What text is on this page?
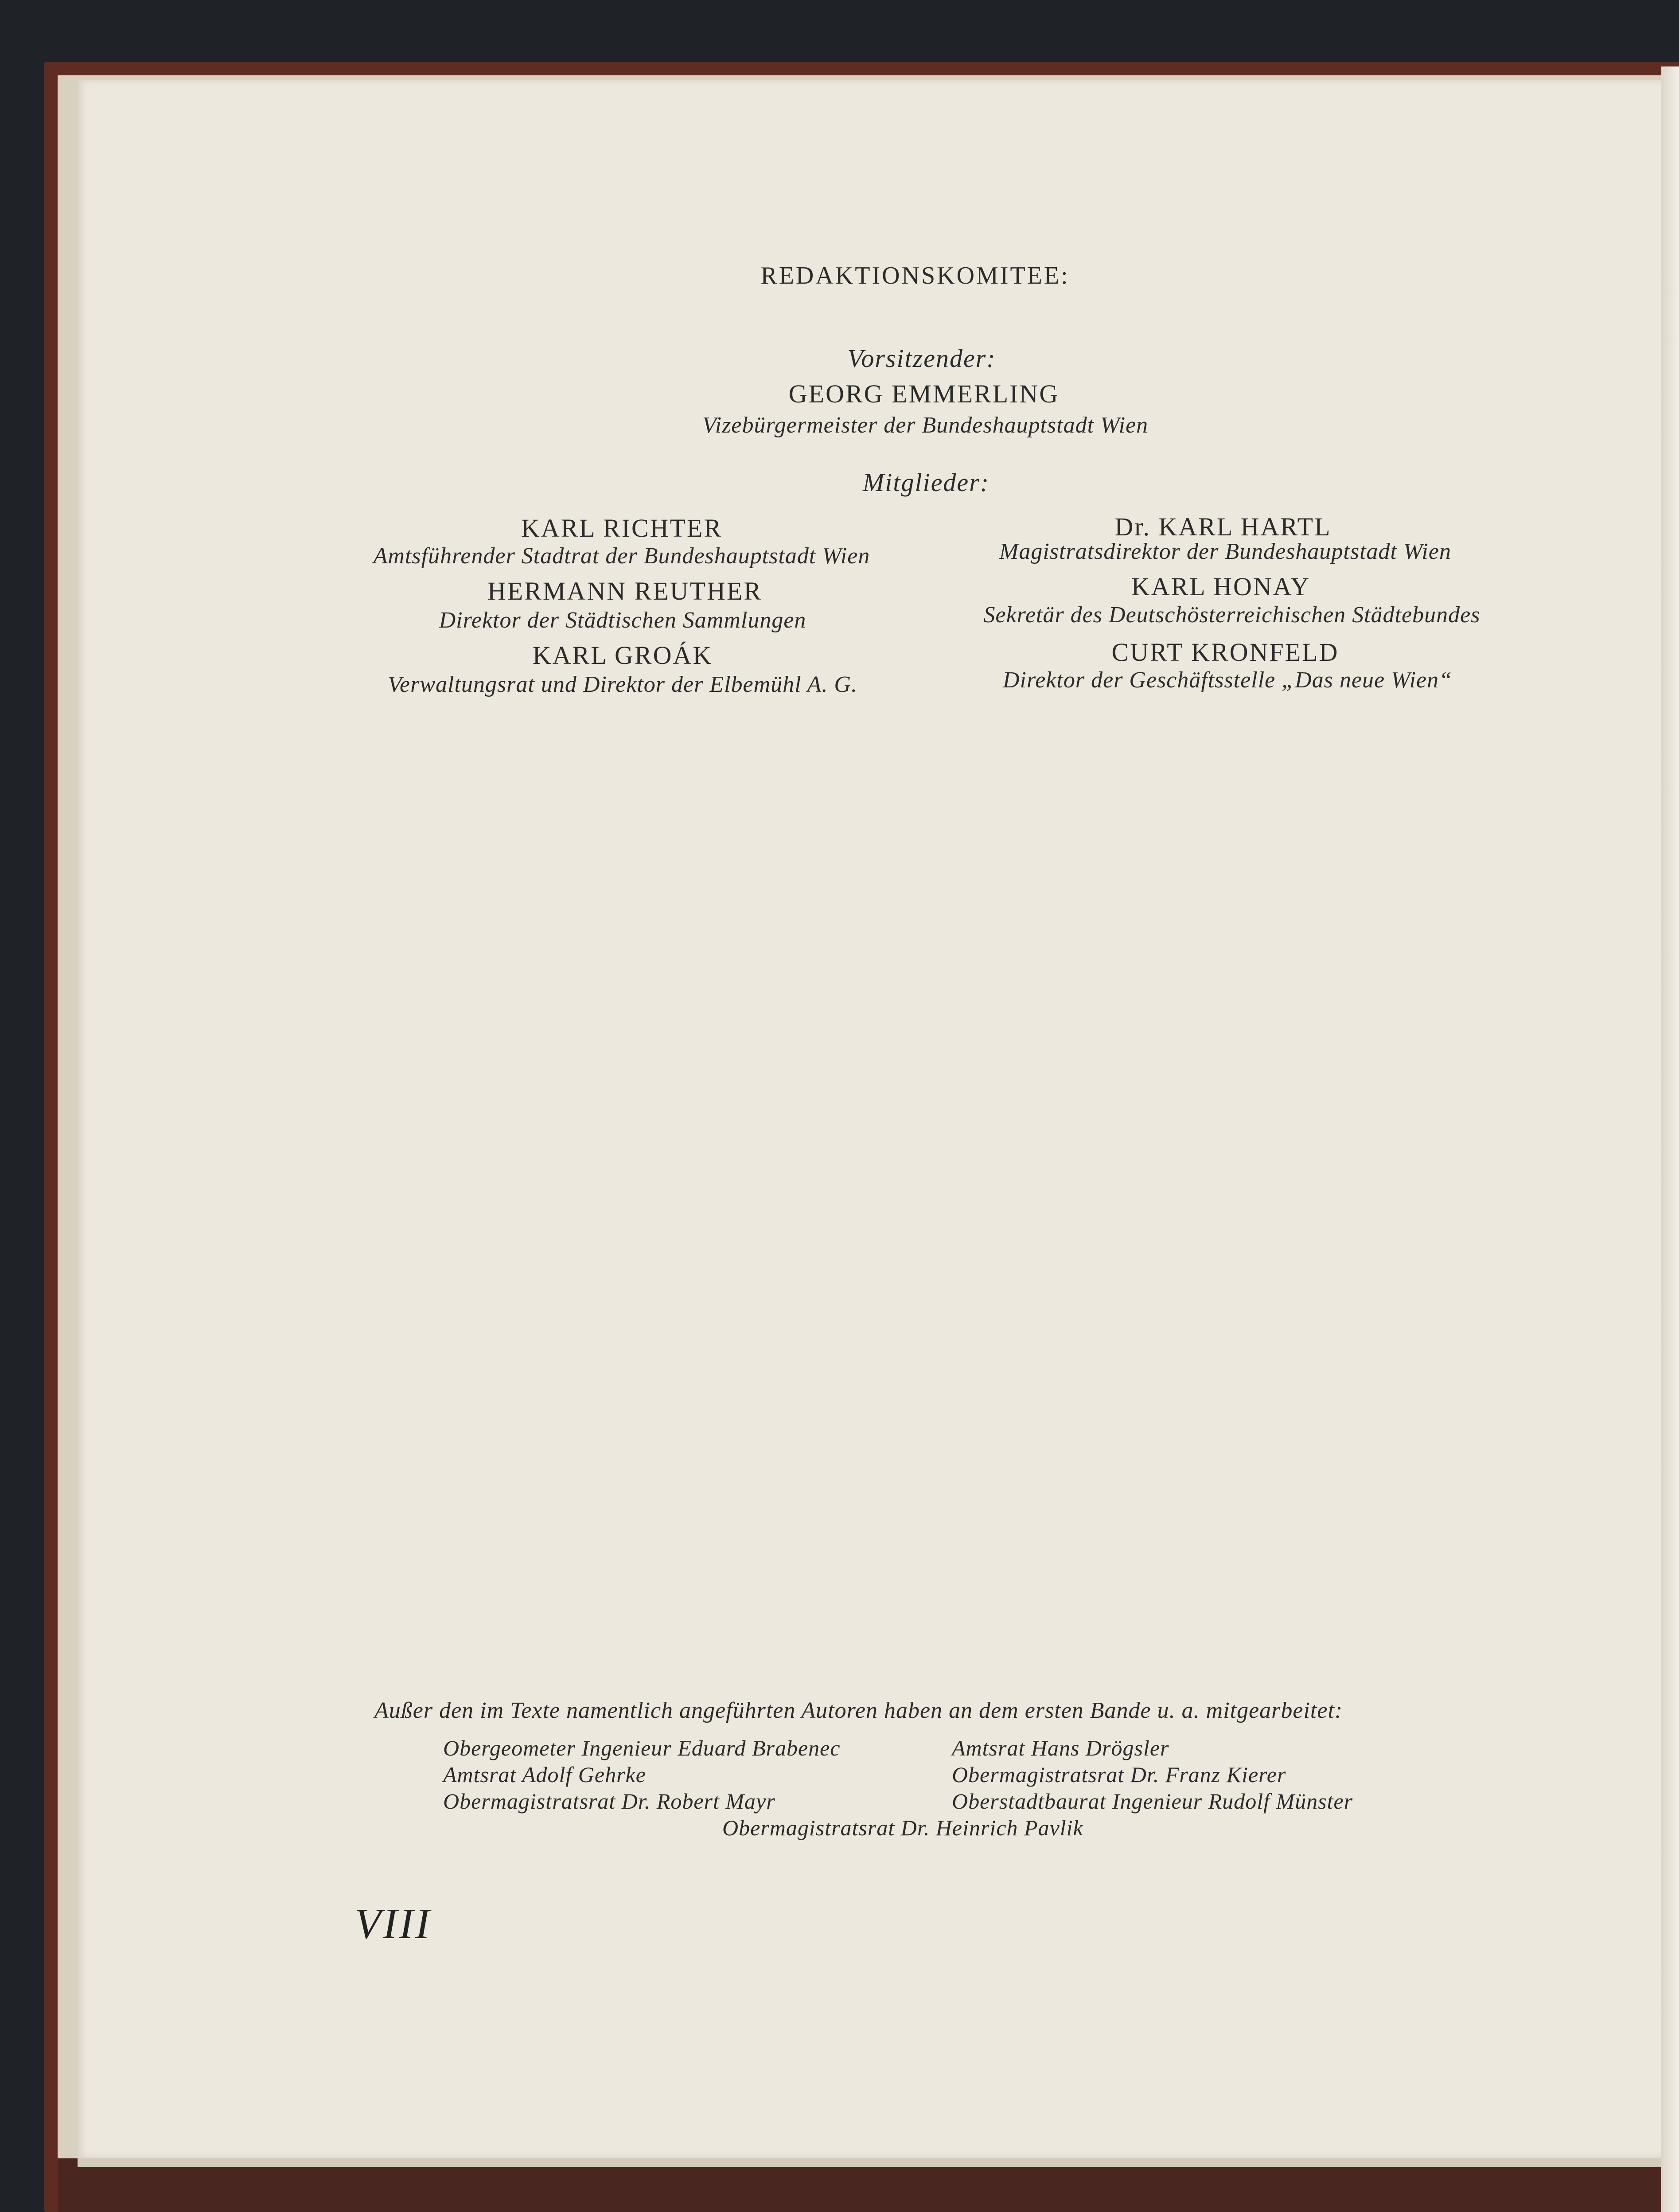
REDAKTIONSKOMITEE:
Vorsitzender:
GEORG EMMERLING
Vizebürgermeister der Bundeshauptstadt Wien
Mitglieder:
KARL RICHTER
Amtsführender Stadtrat der Bundeshauptstadt Wien
HERMANN REUTHER
Direktor der Städtischen Sammlungen
KARL GROÁK
Verwaltungsrat und Direktor der Elbemühl A. G.
Dr. KARL HARTL
Magistratsdirektor der Bundeshauptstadt Wien
KARL HONAY
Sekretär des Deutschösterreichischen Städtebundes
CURT KRONFELD
Direktor der Geschäftsstelle „Das neue Wien“
Außer den im Texte namentlich angeführten Autoren haben an dem ersten Bande u. a. mitgearbeitet:
Obergeometer Ingenieur Eduard Brabenec	Amtsrat Hans Drögsler
Amtsrat Adolf Gehrke	Obermagistratsrat Dr. Franz Kierer
Obermagistratsrat Dr. Robert Mayr	Oberstadtbaurat Ingenieur Rudolf Münster
Obermagistratsrat Dr. Heinrich Pavlik
VIII
